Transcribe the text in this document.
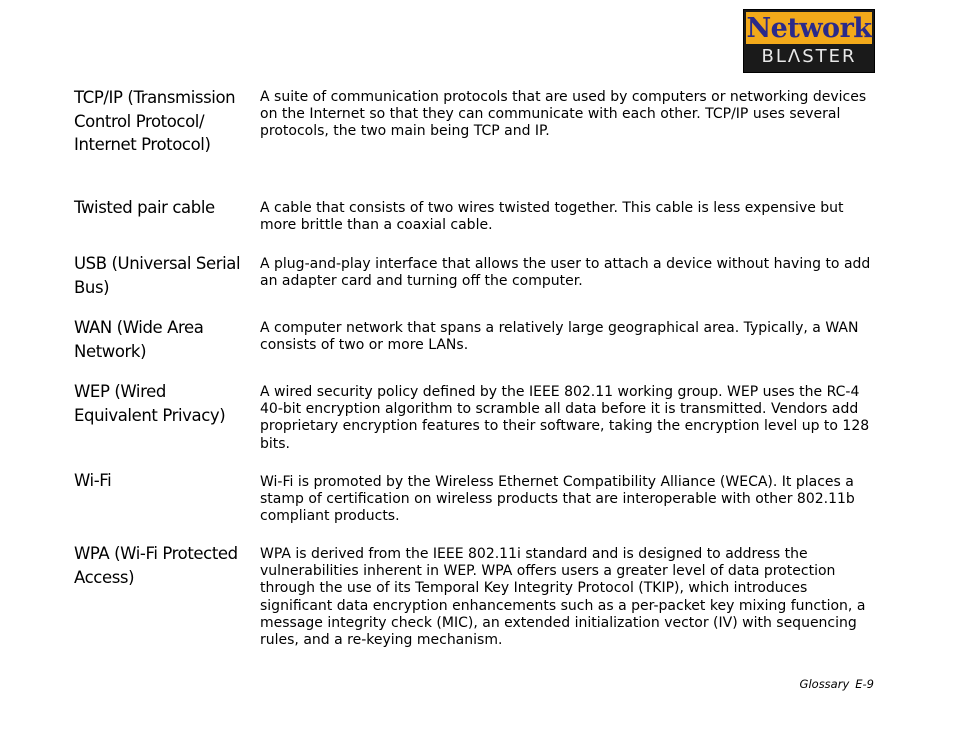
Network
BLΛSTER
TCP/IP (Transmission Control Protocol/ Internet Protocol)
A suite of communication protocols that are used by computers or networking devices on the Internet so that they can communicate with each other. TCP/IP uses several protocols, the two main being TCP and IP.
Twisted pair cable	A cable that consists of two wires twisted together. This cable is less expensive but more brittle than a coaxial cable.
USB (Universal Serial Bus)
A plug-and-play interface that allows the user to attach a device without having to add an adapter card and turning off the computer.
WAN (Wide Area Network)
A computer network that spans a relatively large geographical area. Typically, a WAN consists of two or more LANs.
WEP (Wired Equivalent Privacy)
A wired security policy defined by the IEEE 802.11 working group. WEP uses the RC-4 40-bit encryption algorithm to scramble all data before it is transmitted. Vendors add proprietary encryption features to their software, taking the encryption level up to 128 bits.
Wi-Fi	Wi-Fi is promoted by the Wireless Ethernet Compatibility Alliance (WECA). It places a stamp of certification on wireless products that are interoperable with other 802.11b compliant products.
WPA (Wi-Fi Protected Access)
WPA is derived from the IEEE 802.11i standard and is designed to address the vulnerabilities inherent in WEP. WPA offers users a greater level of data protection through the use of its Temporal Key Integrity Protocol (TKIP), which introduces significant data encryption enhancements such as a per-packet key mixing function, a message integrity check (MIC), an extended initialization vector (IV) with sequencing rules, and a re-keying mechanism.
Glossary E-9
